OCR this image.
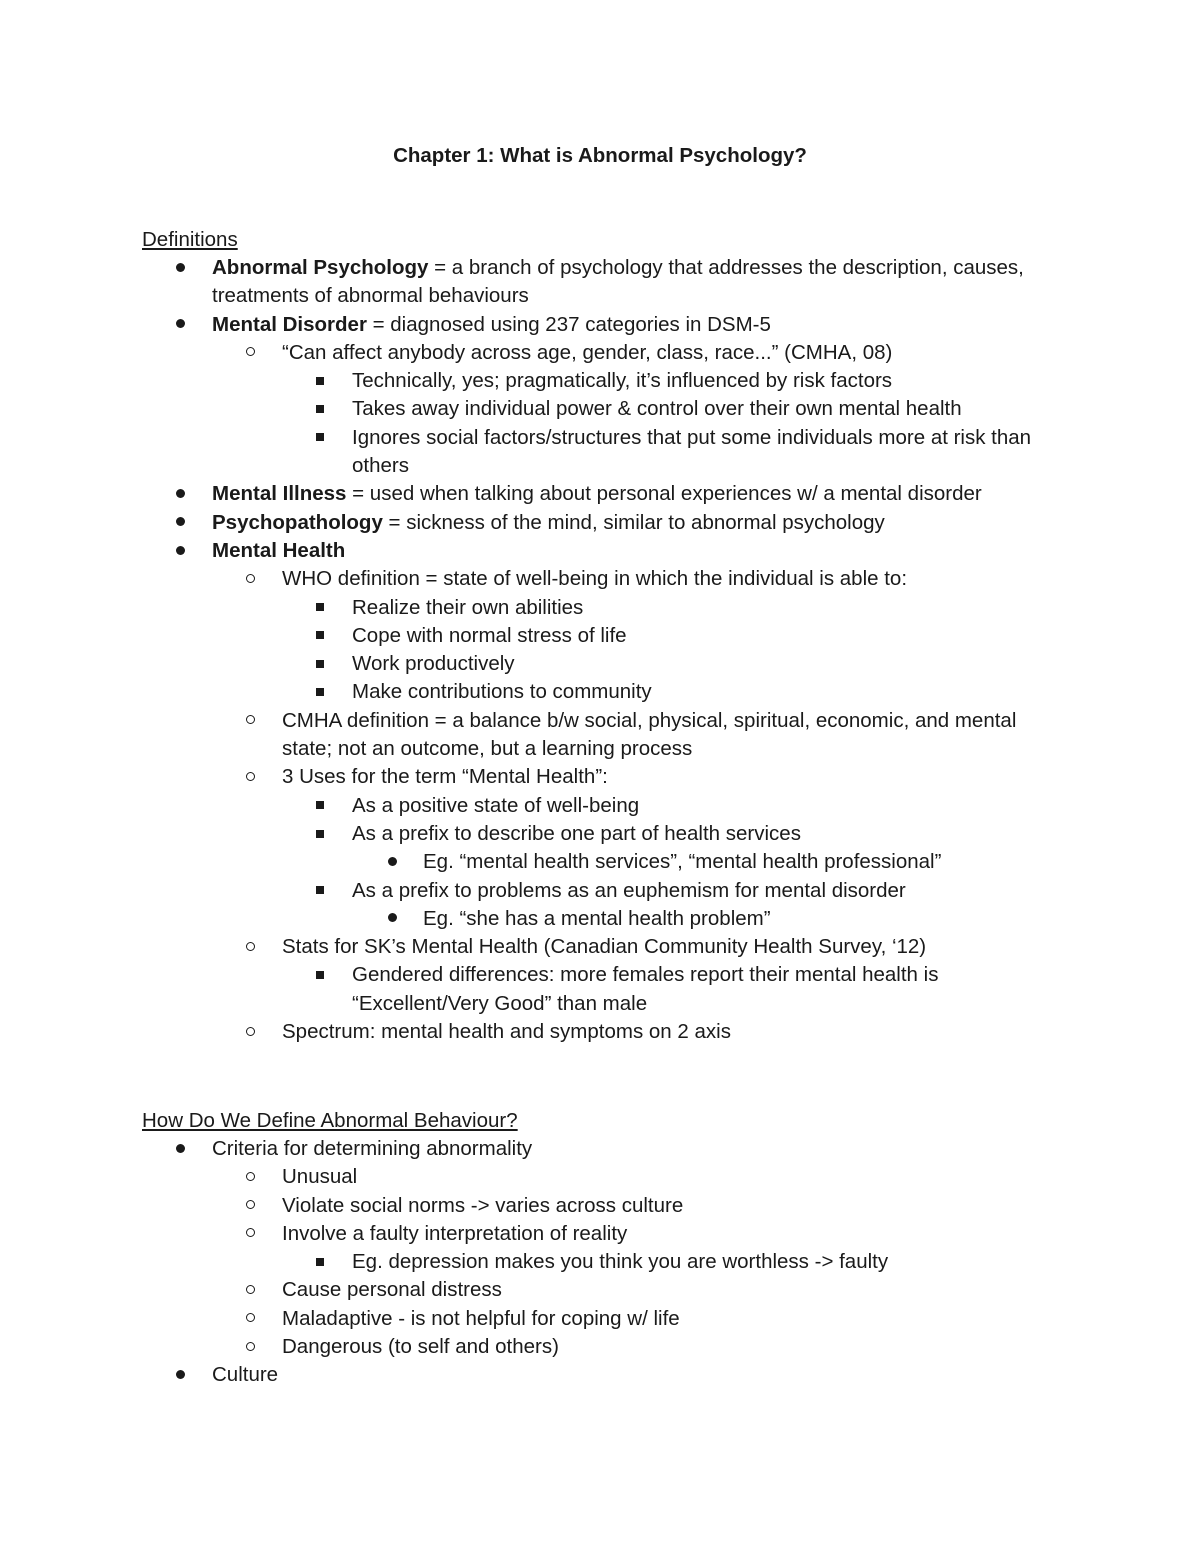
Chapter 1: What is Abnormal Psychology?
Definitions
Abnormal Psychology = a branch of psychology that addresses the description, causes, treatments of abnormal behaviours
Mental Disorder = diagnosed using 237 categories in DSM-5
“Can affect anybody across age, gender, class, race...” (CMHA, 08)
Technically, yes; pragmatically, it’s influenced by risk factors
Takes away individual power & control over their own mental health
Ignores social factors/structures that put some individuals more at risk than others
Mental Illness = used when talking about personal experiences w/ a mental disorder
Psychopathology = sickness of the mind, similar to abnormal psychology
Mental Health
WHO definition = state of well-being in which the individual is able to:
Realize their own abilities
Cope with normal stress of life
Work productively
Make contributions to community
CMHA definition = a balance b/w social, physical, spiritual, economic, and mental state; not an outcome, but a learning process
3 Uses for the term “Mental Health”:
As a positive state of well-being
As a prefix to describe one part of health services
Eg. “mental health services”, “mental health professional”
As a prefix to problems as an euphemism for mental disorder
Eg. “she has a mental health problem”
Stats for SK’s Mental Health (Canadian Community Health Survey, ‘12)
Gendered differences: more females report their mental health is “Excellent/Very Good” than male
Spectrum: mental health and symptoms on 2 axis
How Do We Define Abnormal Behaviour?
Criteria for determining abnormality
Unusual
Violate social norms -> varies across culture
Involve a faulty interpretation of reality
Eg. depression makes you think you are worthless -> faulty
Cause personal distress
Maladaptive - is not helpful for coping w/ life
Dangerous (to self and others)
Culture
